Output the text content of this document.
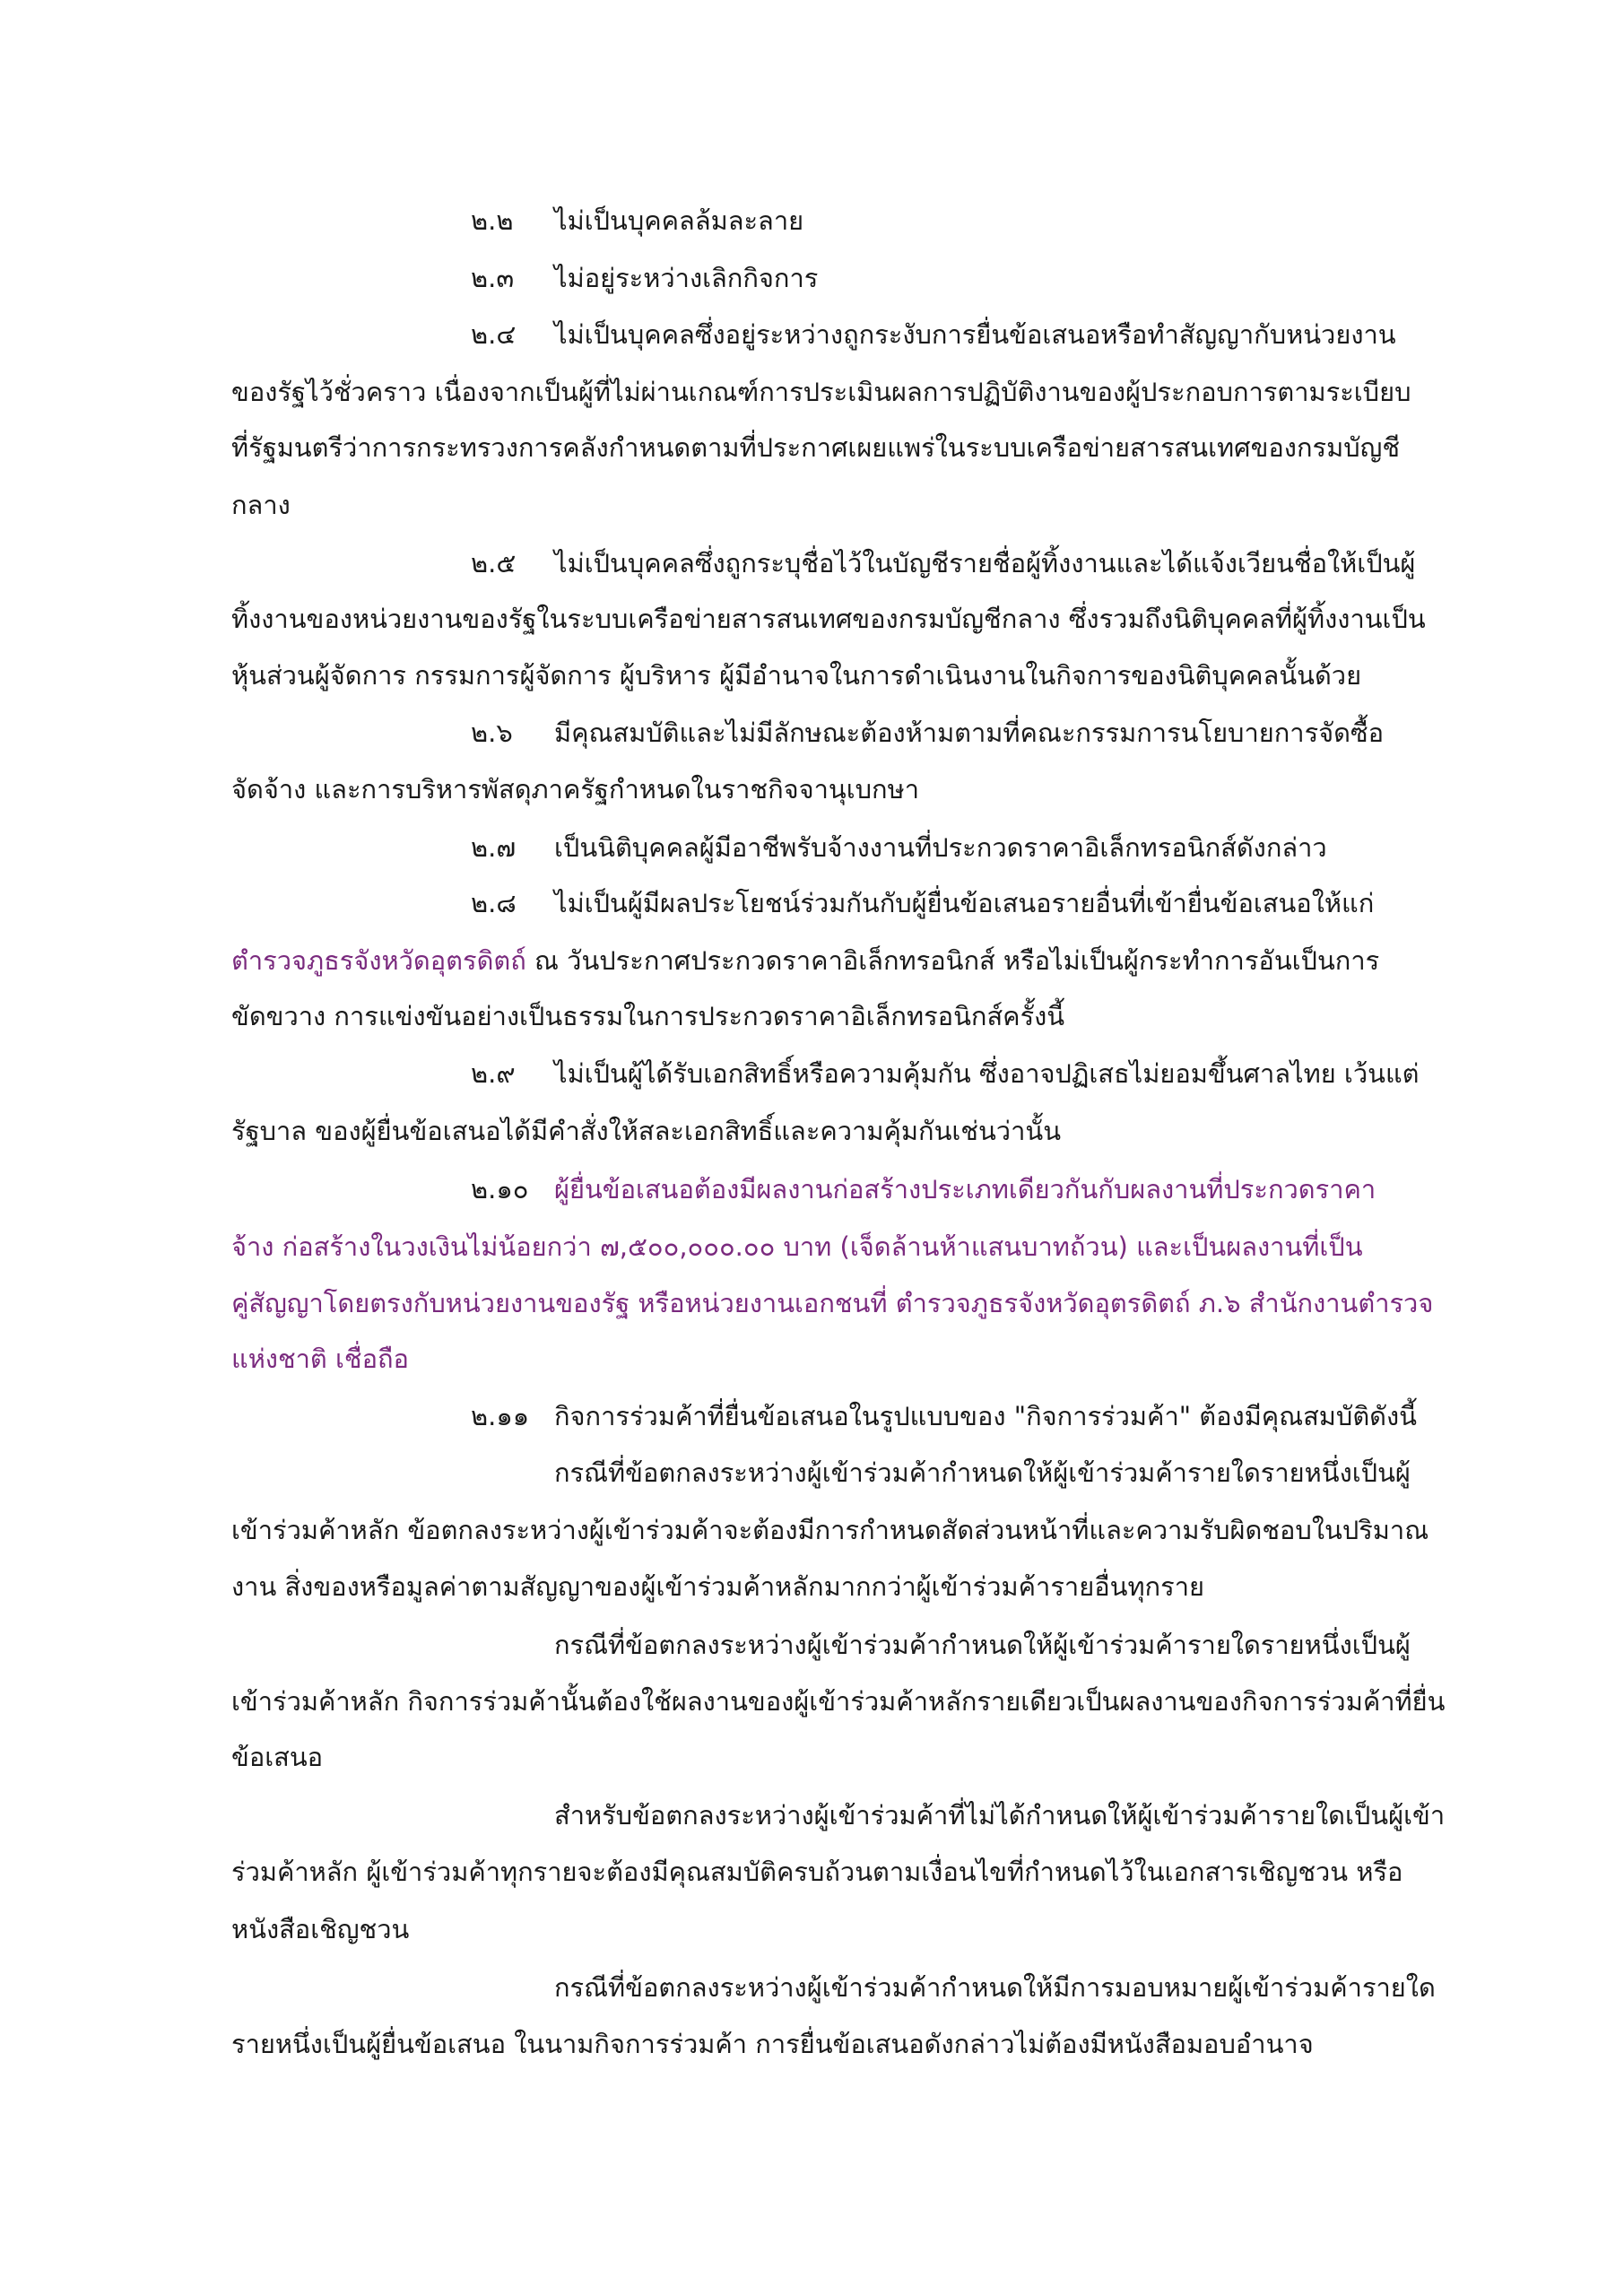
๒.๒ ไม่เป็นบุคคลล้มละลาย
๒.๓ ไม่อยู่ระหว่างเลิกกิจการ
๒.๔ ไม่เป็นบุคคลซึ่งอยู่ระหว่างถูกระงับการยื่นข้อเสนอหรือทำสัญญากับหน่วยงาน
ของรัฐไว้ชั่วคราว เนื่องจากเป็นผู้ที่ไม่ผ่านเกณฑ์การประเมินผลการปฏิบัติงานของผู้ประกอบการตามระเบียบ
ที่รัฐมนตรีว่าการกระทรวงการคลังกำหนดตามที่ประกาศเผยแพร่ในระบบเครือข่ายสารสนเทศของกรมบัญชี
กลาง
๒.๕ ไม่เป็นบุคคลซึ่งถูกระบุชื่อไว้ในบัญชีรายชื่อผู้ทิ้งงานและได้แจ้งเวียนชื่อให้เป็นผู้
ทิ้งงานของหน่วยงานของรัฐในระบบเครือข่ายสารสนเทศของกรมบัญชีกลาง ซึ่งรวมถึงนิติบุคคลที่ผู้ทิ้งงานเป็น
หุ้นส่วนผู้จัดการ กรรมการผู้จัดการ ผู้บริหาร ผู้มีอำนาจในการดำเนินงานในกิจการของนิติบุคคลนั้นด้วย
๒.๖ มีคุณสมบัติและไม่มีลักษณะต้องห้ามตามที่คณะกรรมการนโยบายการจัดซื้อ
จัดจ้าง และการบริหารพัสดุภาครัฐกำหนดในราชกิจจานุเบกษา
๒.๗ เป็นนิติบุคคลผู้มีอาชีพรับจ้างงานที่ประกวดราคาอิเล็กทรอนิกส์ดังกล่าว
๒.๘ ไม่เป็นผู้มีผลประโยชน์ร่วมกันกับผู้ยื่นข้อเสนอรายอื่นที่เข้ายื่นข้อเสนอให้แก่
ตำรวจภูธรจังหวัดอุตรดิตถ์ ณ วันประกาศประกวดราคาอิเล็กทรอนิกส์ หรือไม่เป็นผู้กระทำการอันเป็นการ
ขัดขวาง การแข่งขันอย่างเป็นธรรมในการประกวดราคาอิเล็กทรอนิกส์ครั้งนี้
๒.๙ ไม่เป็นผู้ได้รับเอกสิทธิ์หรือความคุ้มกัน ซึ่งอาจปฏิเสธไม่ยอมขึ้นศาลไทย เว้นแต่
รัฐบาล ของผู้ยื่นข้อเสนอได้มีคำสั่งให้สละเอกสิทธิ์และความคุ้มกันเช่นว่านั้น
๒.๑๐ ผู้ยื่นข้อเสนอต้องมีผลงานก่อสร้างประเภทเดียวกันกับผลงานที่ประกวดราคา
จ้าง ก่อสร้างในวงเงินไม่น้อยกว่า ๗,๕๐๐,๐๐๐.๐๐ บาท (เจ็ดล้านห้าแสนบาทถ้วน) และเป็นผลงานที่เป็น
คู่สัญญาโดยตรงกับหน่วยงานของรัฐ หรือหน่วยงานเอกชนที่ ตำรวจภูธรจังหวัดอุตรดิตถ์ ภ.๖ สำนักงานตำรวจ
แห่งชาติ เชื่อถือ
๒.๑๑ กิจการร่วมค้าที่ยื่นข้อเสนอในรูปแบบของ "กิจการร่วมค้า" ต้องมีคุณสมบัติดังนี้
กรณีที่ข้อตกลงระหว่างผู้เข้าร่วมค้ากำหนดให้ผู้เข้าร่วมค้ารายใดรายหนึ่งเป็นผู้
เข้าร่วมค้าหลัก ข้อตกลงระหว่างผู้เข้าร่วมค้าจะต้องมีการกำหนดสัดส่วนหน้าที่และความรับผิดชอบในปริมาณ
งาน สิ่งของหรือมูลค่าตามสัญญาของผู้เข้าร่วมค้าหลักมากกว่าผู้เข้าร่วมค้ารายอื่นทุกราย
กรณีที่ข้อตกลงระหว่างผู้เข้าร่วมค้ากำหนดให้ผู้เข้าร่วมค้ารายใดรายหนึ่งเป็นผู้
เข้าร่วมค้าหลัก กิจการร่วมค้านั้นต้องใช้ผลงานของผู้เข้าร่วมค้าหลักรายเดียวเป็นผลงานของกิจการร่วมค้าที่ยื่น
ข้อเสนอ
สำหรับข้อตกลงระหว่างผู้เข้าร่วมค้าที่ไม่ได้กำหนดให้ผู้เข้าร่วมค้ารายใดเป็นผู้เข้า
ร่วมค้าหลัก ผู้เข้าร่วมค้าทุกรายจะต้องมีคุณสมบัติครบถ้วนตามเงื่อนไขที่กำหนดไว้ในเอกสารเชิญชวน หรือ
หนังสือเชิญชวน
กรณีที่ข้อตกลงระหว่างผู้เข้าร่วมค้ากำหนดให้มีการมอบหมายผู้เข้าร่วมค้ารายใด
รายหนึ่งเป็นผู้ยื่นข้อเสนอ ในนามกิจการร่วมค้า การยื่นข้อเสนอดังกล่าวไม่ต้องมีหนังสือมอบอำนาจ
